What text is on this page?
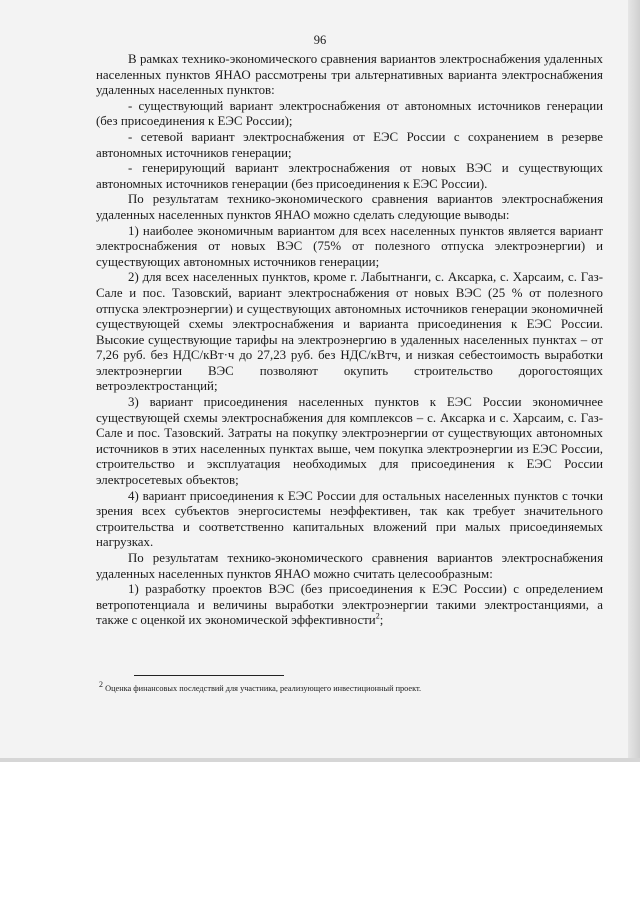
96

В рамках технико-экономического сравнения вариантов электроснабжения удаленных населенных пунктов ЯНАО рассмотрены три альтернативных варианта электроснабжения удаленных населенных пунктов:

- существующий вариант электроснабжения от автономных источников генерации (без присоединения к ЕЭС России);

- сетевой вариант электроснабжения от ЕЭС России с сохранением в резерве автономных источников генерации;

- генерирующий вариант электроснабжения от новых ВЭС и существующих автономных источников генерации (без присоединения к ЕЭС России).

По результатам технико-экономического сравнения вариантов электроснабжения удаленных населенных пунктов ЯНАО можно сделать следующие выводы:

1) наиболее экономичным вариантом для всех населенных пунктов является вариант электроснабжения от новых ВЭС (75% от полезного отпуска электроэнергии) и существующих автономных источников генерации;

2) для всех населенных пунктов, кроме г. Лабытнанги, с. Аксарка, с. Харсаим, с. Газ-Сале и пос. Тазовский, вариант электроснабжения от новых ВЭС (25 % от полезного отпуска электроэнергии) и существующих автономных источников генерации экономичней существующей схемы электроснабжения и варианта присоединения к ЕЭС России. Высокие существующие тарифы на электроэнергию в удаленных населенных пунктах – от 7,26 руб. без НДС/кВт·ч до 27,23 руб. без НДС/кВтч, и низкая себестоимость выработки электроэнергии ВЭС позволяют окупить строительство дорогостоящих ветроэлектростанций;

3) вариант присоединения населенных пунктов к ЕЭС России экономичнее существующей схемы электроснабжения для комплексов – с. Аксарка и с. Харсаим, с. Газ-Сале и пос. Тазовский. Затраты на покупку электроэнергии от существующих автономных источников в этих населенных пунктах выше, чем покупка электроэнергии из ЕЭС России, строительство и эксплуатация необходимых для присоединения к ЕЭС России электросетевых объектов;

4) вариант присоединения к ЕЭС России для остальных населенных пунктов с точки зрения всех субъектов энергосистемы неэффективен, так как требует значительного строительства и соответственно капитальных вложений при малых присоединяемых нагрузках.

По результатам технико-экономического сравнения вариантов электроснабжения удаленных населенных пунктов ЯНАО можно считать целесообразным:

1) разработку проектов ВЭС (без присоединения к ЕЭС России) с определением ветропотенциала и величины выработки электроэнергии такими электростанциями, а также с оценкой их экономической эффективности$^2$;

$^2$ Оценка финансовых последствий для участника, реализующего инвестиционный проект.
